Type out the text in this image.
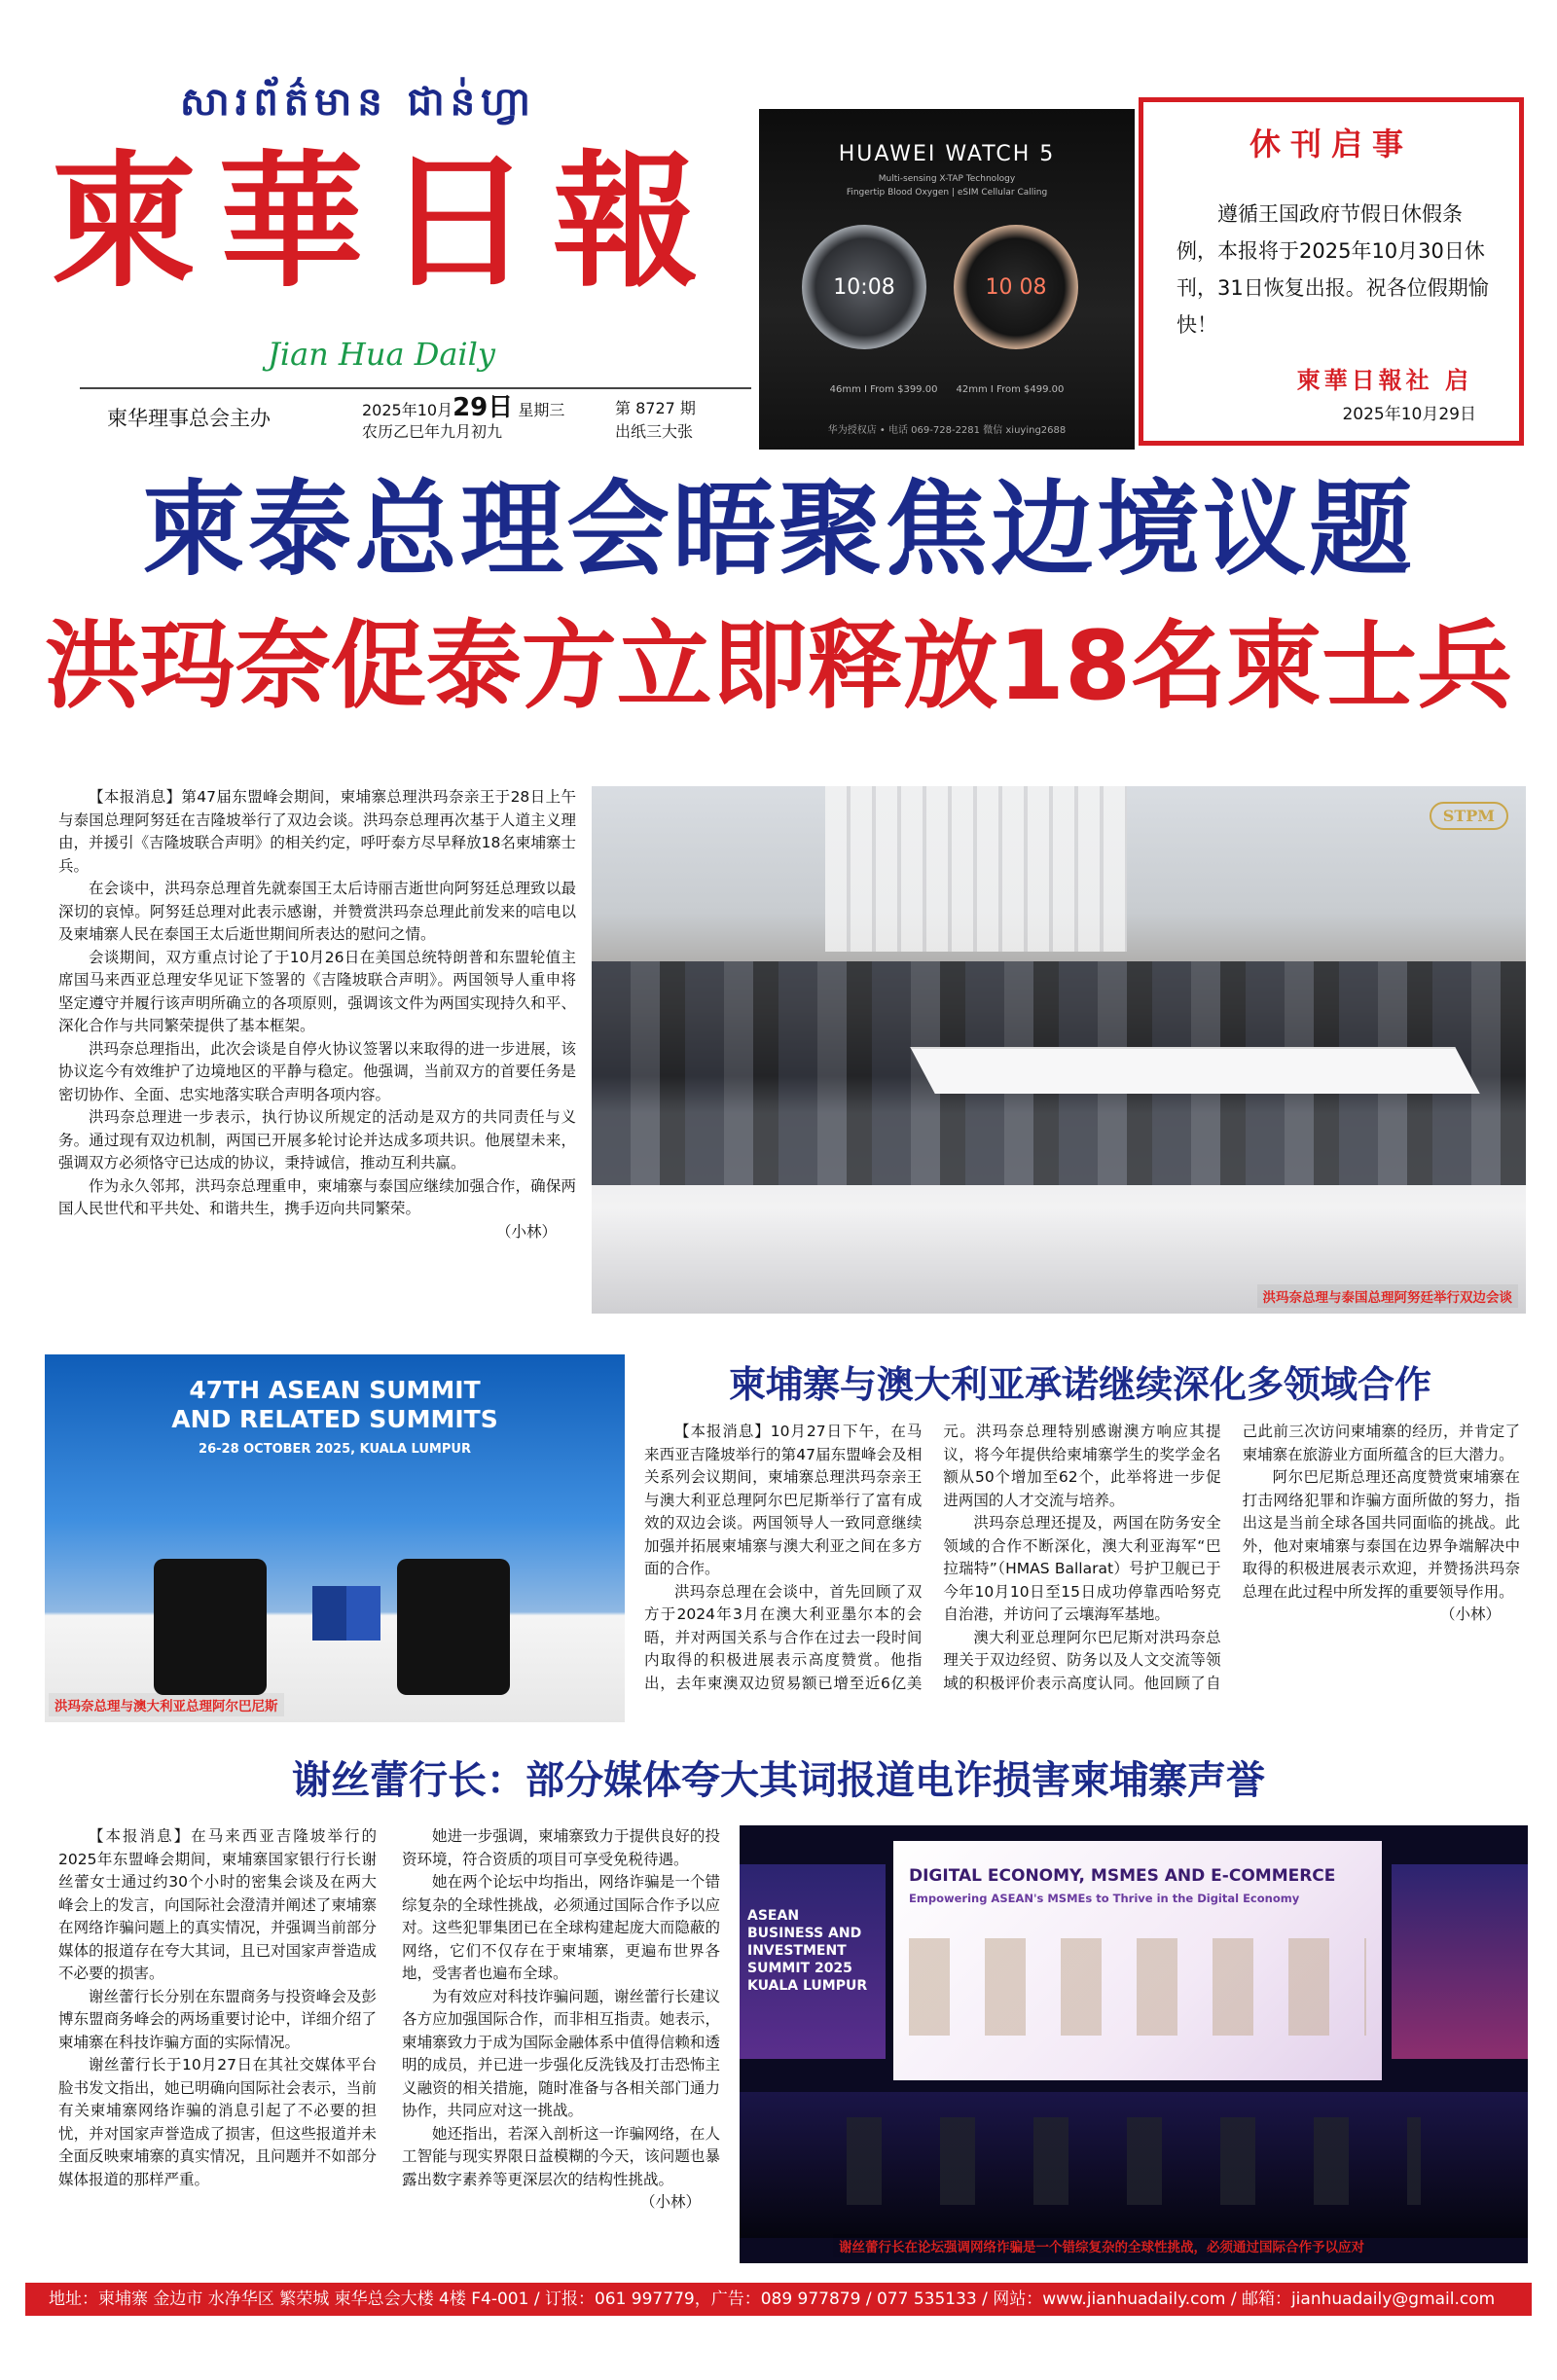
សារព័ត៌មាន ជាន់ហ្វា
柬華日報
Jian Hua Daily
柬华理事总会主办	2025年10月29日 星期三
农历乙巳年九月初九
第 8727 期
出纸三大张
HUAWEI WATCH 5
Multi-sensing X-TAP Technology
Fingertip Blood Oxygen | eSIM Cellular Calling
10:08	10 08
46mm I From $399.00 42mm I From $499.00
华为授权店 • 电话 069-728-2281 微信 xiuying2688
休刊启事
遵循王国政府节假日休假条例，本报将于2025年10月30日休刊，31日恢复出报。祝各位假期愉快！
柬華日報社 启
2025年10月29日
柬泰总理会晤聚焦边境议题
洪玛奈促泰方立即释放18名柬士兵

【本报消息】第47届东盟峰会期间，柬埔寨总理洪玛奈亲王于28日上午与泰国总理阿努廷在吉隆坡举行了双边会谈。洪玛奈总理再次基于人道主义理由，并援引《吉隆坡联合声明》的相关约定，呼吁泰方尽早释放18名柬埔寨士兵。

在会谈中，洪玛奈总理首先就泰国王太后诗丽吉逝世向阿努廷总理致以最深切的哀悼。阿努廷总理对此表示感谢，并赞赏洪玛奈总理此前发来的唁电以及柬埔寨人民在泰国王太后逝世期间所表达的慰问之情。

会谈期间，双方重点讨论了于10月26日在美国总统特朗普和东盟轮值主席国马来西亚总理安华见证下签署的《吉隆坡联合声明》。两国领导人重申将坚定遵守并履行该声明所确立的各项原则，强调该文件为两国实现持久和平、深化合作与共同繁荣提供了基本框架。

洪玛奈总理指出，此次会谈是自停火协议签署以来取得的进一步进展，该协议迄今有效维护了边境地区的平静与稳定。他强调，当前双方的首要任务是密切协作、全面、忠实地落实联合声明各项内容。

洪玛奈总理进一步表示，执行协议所规定的活动是双方的共同责任与义务。通过现有双边机制，两国已开展多轮讨论并达成多项共识。他展望未来，强调双方必须恪守已达成的协议，秉持诚信，推动互利共赢。

作为永久邻邦，洪玛奈总理重申，柬埔寨与泰国应继续加强合作，确保两国人民世代和平共处、和谐共生，携手迈向共同繁荣。

（小林）

STPM
洪玛奈总理与泰国总理阿努廷举行双边会谈
47TH ASEAN SUMMIT
AND RELATED SUMMITS
26-28 OCTOBER 2025, KUALA LUMPUR
洪玛奈总理与澳大利亚总理阿尔巴尼斯
柬埔寨与澳大利亚承诺继续深化多领域合作

【本报消息】10月27日下午，在马来西亚吉隆坡举行的第47届东盟峰会及相关系列会议期间，柬埔寨总理洪玛奈亲王与澳大利亚总理阿尔巴尼斯举行了富有成效的双边会谈。两国领导人一致同意继续加强并拓展柬埔寨与澳大利亚之间在多方面的合作。

洪玛奈总理在会谈中，首先回顾了双方于2024年3月在澳大利亚墨尔本的会晤，并对两国关系与合作在过去一段时间内取得的积极进展表示高度赞赏。他指出，去年柬澳双边贸易额已增至近6亿美元。洪玛奈总理特别感谢澳方响应其提议，将今年提供给柬埔寨学生的奖学金名额从50个增加至62个，此举将进一步促进两国的人才交流与培养。

洪玛奈总理还提及，两国在防务安全领域的合作不断深化，澳大利亚海军“巴拉瑞特”（HMAS Ballarat）号护卫舰已于今年10月10日至15日成功停靠西哈努克自治港，并访问了云壤海军基地。

澳大利亚总理阿尔巴尼斯对洪玛奈总理关于双边经贸、防务以及人文交流等领域的积极评价表示高度认同。他回顾了自己此前三次访问柬埔寨的经历，并肯定了柬埔寨在旅游业方面所蕴含的巨大潜力。

阿尔巴尼斯总理还高度赞赏柬埔寨在打击网络犯罪和诈骗方面所做的努力，指出这是当前全球各国共同面临的挑战。此外，他对柬埔寨与泰国在边界争端解决中取得的积极进展表示欢迎，并赞扬洪玛奈总理在此过程中所发挥的重要领导作用。

（小林）

谢丝蕾行长：部分媒体夸大其词报道电诈损害柬埔寨声誉

【本报消息】在马来西亚吉隆坡举行的2025年东盟峰会期间，柬埔寨国家银行行长谢丝蕾女士通过约30个小时的密集会谈及在两大峰会上的发言，向国际社会澄清并阐述了柬埔寨在网络诈骗问题上的真实情况，并强调当前部分媒体的报道存在夸大其词，且已对国家声誉造成不必要的损害。

谢丝蕾行长分别在东盟商务与投资峰会及彭博东盟商务峰会的两场重要讨论中，详细介绍了柬埔寨在科技诈骗方面的实际情况。

谢丝蕾行长于10月27日在其社交媒体平台脸书发文指出，她已明确向国际社会表示，当前有关柬埔寨网络诈骗的消息引起了不必要的担忧，并对国家声誉造成了损害，但这些报道并未全面反映柬埔寨的真实情况，且问题并不如部分媒体报道的那样严重。

她进一步强调，柬埔寨致力于提供良好的投资环境，符合资质的项目可享受免税待遇。

她在两个论坛中均指出，网络诈骗是一个错综复杂的全球性挑战，必须通过国际合作予以应对。这些犯罪集团已在全球构建起庞大而隐蔽的网络，它们不仅存在于柬埔寨，更遍布世界各地，受害者也遍布全球。

为有效应对科技诈骗问题，谢丝蕾行长建议各方应加强国际合作，而非相互指责。她表示，柬埔寨致力于成为国际金融体系中值得信赖和透明的成员，并已进一步强化反洗钱及打击恐怖主义融资的相关措施，随时准备与各相关部门通力协作，共同应对这一挑战。

她还指出，若深入剖析这一诈骗网络，在人工智能与现实界限日益模糊的今天，该问题也暴露出数字素养等更深层次的结构性挑战。

（小林）

ASEAN BUSINESS AND INVESTMENT SUMMIT 2025 KUALA LUMPUR
DIGITAL ECONOMY, MSMES AND E-COMMERCE
Empowering ASEAN's MSMEs to Thrive in the Digital Economy
谢丝蕾行长在论坛强调网络诈骗是一个错综复杂的全球性挑战，必须通过国际合作予以应对
地址：柬埔寨 金边市 水净华区 繁荣城 柬华总会大楼 4楼 F4-001 / 订报：061 997779，广告：089 977879 / 077 535133 / 网站：www.jianhuadaily.com / 邮箱：jianhuadaily@gmail.com
